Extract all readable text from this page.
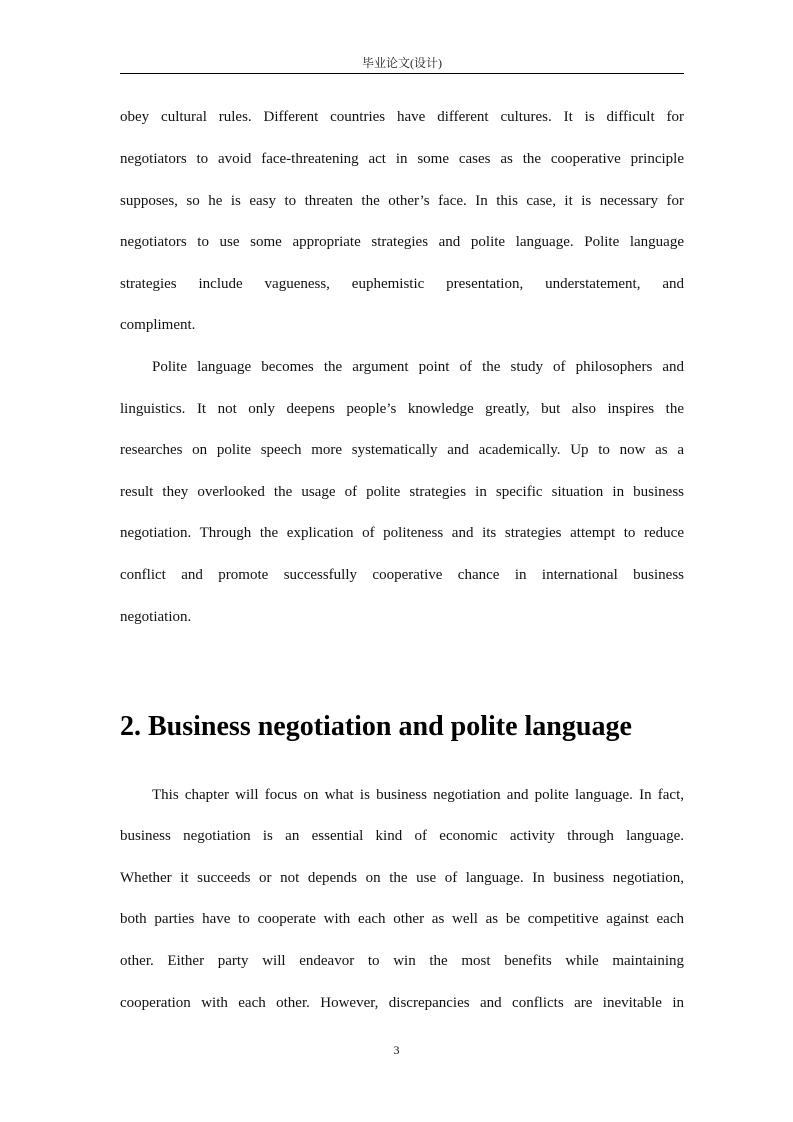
毕业论文(设计)
obey cultural rules. Different countries have different cultures. It is difficult for
negotiators to avoid face-threatening act in some cases as the cooperative principle
supposes, so he is easy to threaten the other’s face. In this case, it is necessary for
negotiators to use some appropriate strategies and polite language. Polite language
strategies include vagueness, euphemistic presentation, understatement, and
compliment.
Polite language becomes the argument point of the study of philosophers and
linguistics. It not only deepens people’s knowledge greatly, but also inspires the
researches on polite speech more systematically and academically. Up to now as a
result they overlooked the usage of polite strategies in specific situation in business
negotiation. Through the explication of politeness and its strategies attempt to reduce
conflict and promote successfully cooperative chance in international business
negotiation.
2. Business negotiation and polite language
This chapter will focus on what is business negotiation and polite language. In fact,
business negotiation is an essential kind of economic activity through language.
Whether it succeeds or not depends on the use of language. In business negotiation,
both parties have to cooperate with each other as well as be competitive against each
other. Either party will endeavor to win the most benefits while maintaining
cooperation with each other. However, discrepancies and conflicts are inevitable in
3
